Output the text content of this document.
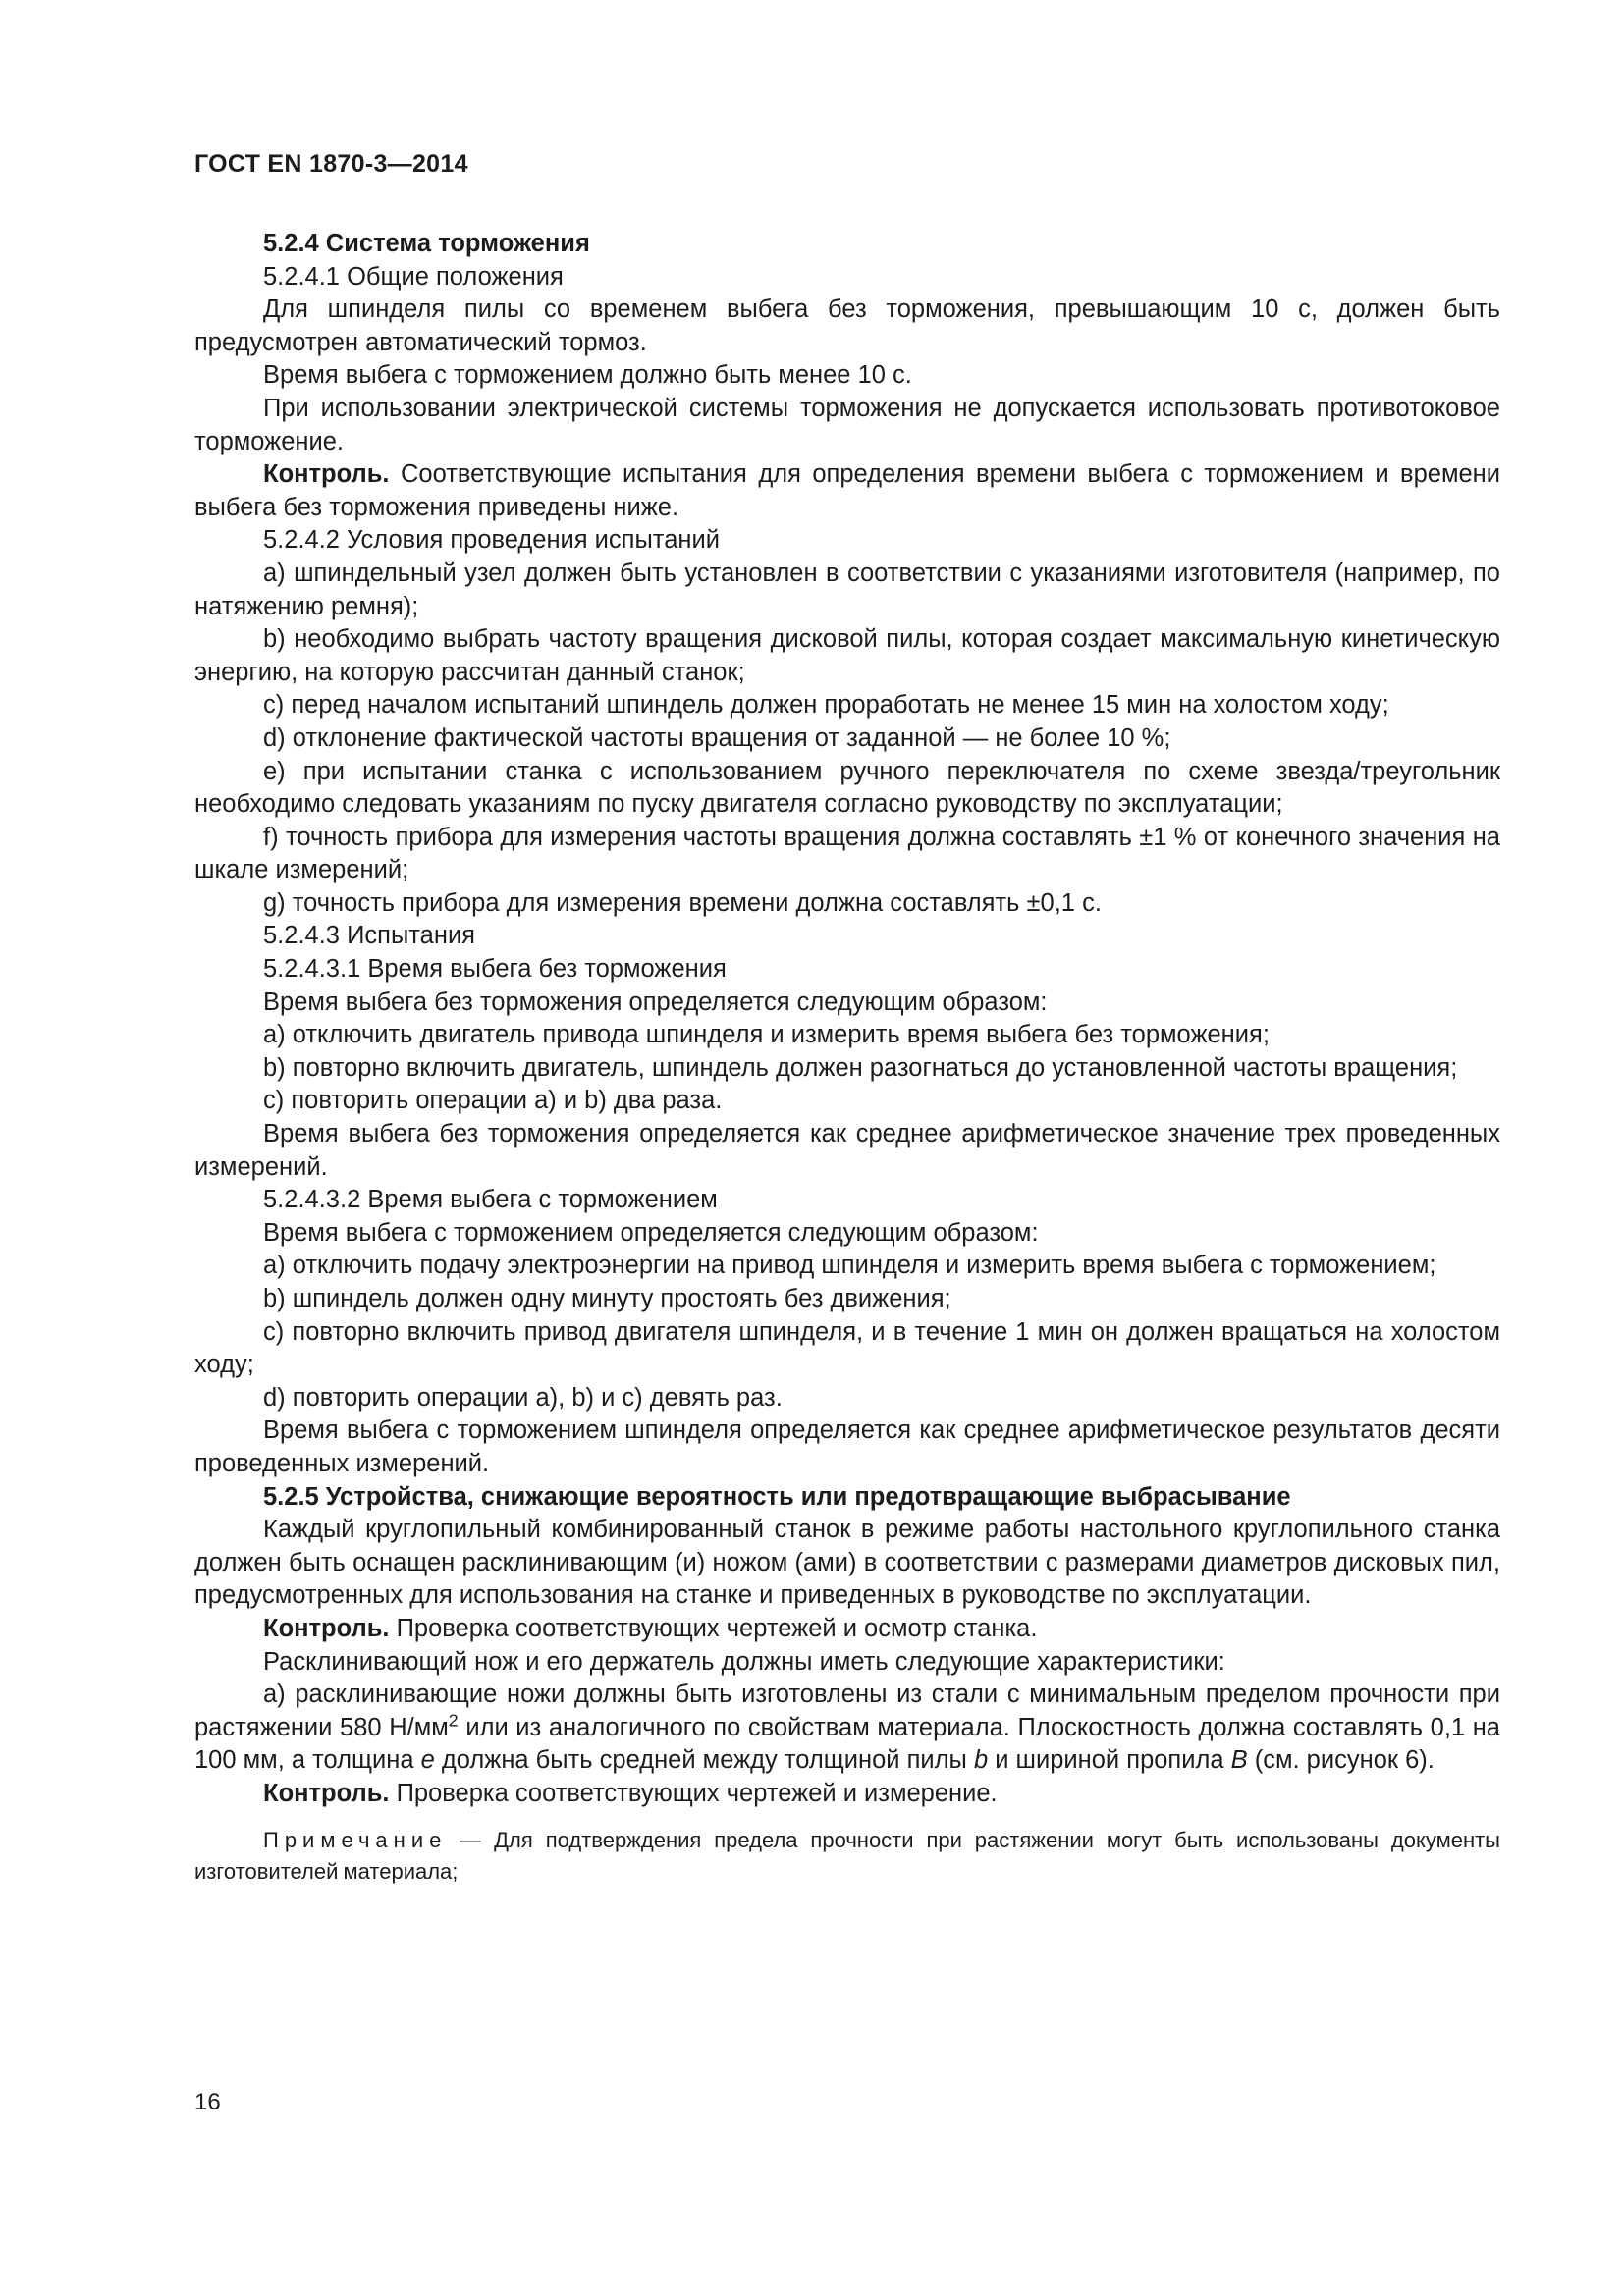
ГОСТ EN 1870-3—2014

5.2.4 Система торможения

5.2.4.1 Общие положения

Для шпинделя пилы со временем выбега без торможения, превышающим 10 с, должен быть предусмотрен автоматический тормоз.

Время выбега с торможением должно быть менее 10 с.

При использовании электрической системы торможения не допускается использовать противотоковое торможение.

Контроль. Соответствующие испытания для определения времени выбега с торможением и времени выбега без торможения приведены ниже.

5.2.4.2 Условия проведения испытаний

a) шпиндельный узел должен быть установлен в соответствии с указаниями изготовителя (например, по натяжению ремня);

b) необходимо выбрать частоту вращения дисковой пилы, которая создает максимальную кинетическую энергию, на которую рассчитан данный станок;

c) перед началом испытаний шпиндель должен проработать не менее 15 мин на холостом ходу;

d) отклонение фактической частоты вращения от заданной — не более 10 %;

e) при испытании станка с использованием ручного переключателя по схеме звезда/треугольник необходимо следовать указаниям по пуску двигателя согласно руководству по эксплуатации;

f) точность прибора для измерения частоты вращения должна составлять ±1 % от конечного значения на шкале измерений;

g) точность прибора для измерения времени должна составлять ±0,1 с.

5.2.4.3 Испытания

5.2.4.3.1 Время выбега без торможения

Время выбега без торможения определяется следующим образом:

a) отключить двигатель привода шпинделя и измерить время выбега без торможения;

b) повторно включить двигатель, шпиндель должен разогнаться до установленной частоты вращения;

c) повторить операции a) и b) два раза.

Время выбега без торможения определяется как среднее арифметическое значение трех проведенных измерений.

5.2.4.3.2 Время выбега с торможением

Время выбега с торможением определяется следующим образом:

a) отключить подачу электроэнергии на привод шпинделя и измерить время выбега с торможением;

b) шпиндель должен одну минуту простоять без движения;

c) повторно включить привод двигателя шпинделя, и в течение 1 мин он должен вращаться на холостом ходу;

d) повторить операции a), b) и c) девять раз.

Время выбега с торможением шпинделя определяется как среднее арифметическое результатов десяти проведенных измерений.

5.2.5 Устройства, снижающие вероятность или предотвращающие выбрасывание

Каждый круглопильный комбинированный станок в режиме работы настольного круглопильного станка должен быть оснащен расклинивающим (и) ножом (ами) в соответствии с размерами диаметров дисковых пил, предусмотренных для использования на станке и приведенных в руководстве по эксплуатации.

Контроль. Проверка соответствующих чертежей и осмотр станка.

Расклинивающий нож и его держатель должны иметь следующие характеристики:

a) расклинивающие ножи должны быть изготовлены из стали с минимальным пределом прочности при растяжении 580 $Н/мм^2$ или из аналогичного по свойствам материала. Плоскостность должна составлять 0,1 на 100 мм, а толщина e должна быть средней между толщиной пилы b и шириной пропила B (см. рисунок 6).

Контроль. Проверка соответствующих чертежей и измерение.

Примечание — Для подтверждения предела прочности при растяжении могут быть использованы документы изготовителей материала;

16
